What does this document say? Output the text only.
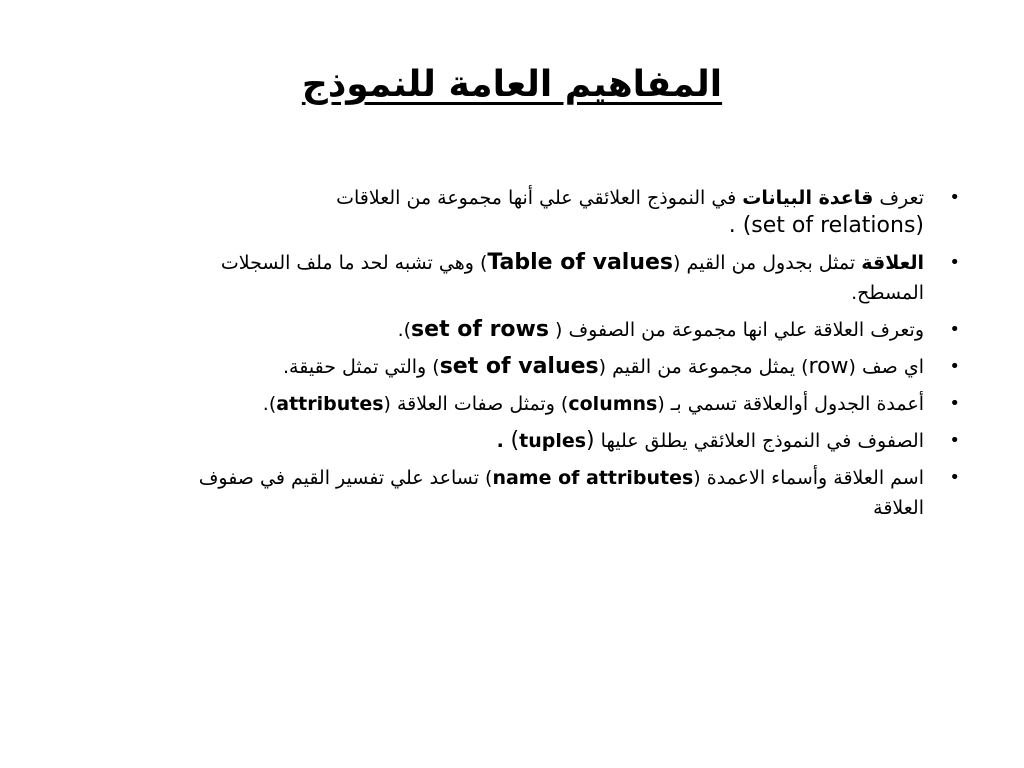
المفاهيم العامة للنموذج
•
تعرف قاعدة البيانات في النموذج العلائقي علي أنها مجموعة من العلاقات
. (set of relations)
•
العلاقة تمثل بجدول من القيم (Table of values) وهي تشبه لحد ما ملف السجلات
المسطح.
•
وتعرف العلاقة علي انها مجموعة من الصفوف ( set of rows).
•
اي صف (row) يمثل مجموعة من القيم (set of values) والتي تمثل حقيقة.
•
أعمدة الجدول أوالعلاقة تسمي بـ (columns) وتمثل صفات العلاقة (attributes).
•
الصفوف في النموذج العلائقي يطلق عليها (tuples) .
•
اسم العلاقة وأسماء الاعمدة (name of attributes) تساعد علي تفسير القيم في صفوف
العلاقة
